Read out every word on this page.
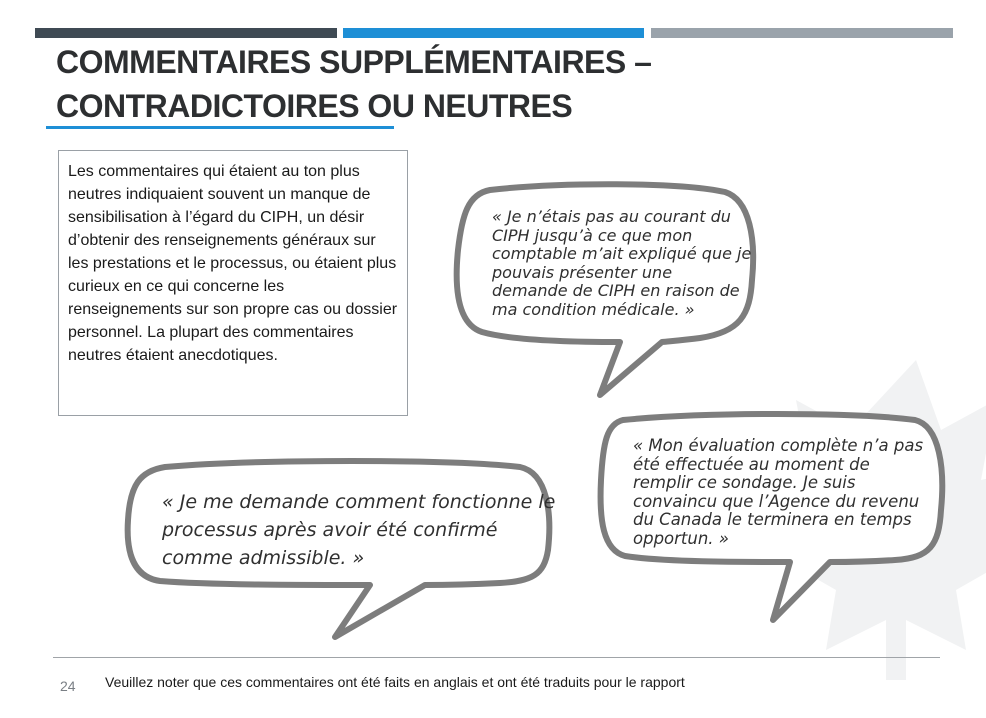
COMMENTAIRES SUPPLÉMENTAIRES –
CONTRADICTOIRES OU NEUTRES
Les commentaires qui étaient au ton plus neutres indiquaient souvent un manque de sensibilisation à l’égard du CIPH, un désir d’obtenir des renseignements généraux sur les prestations et le processus, ou étaient plus curieux en ce qui concerne les renseignements sur son propre cas ou dossier personnel. La plupart des commentaires neutres étaient anecdotiques.
« Je n’étais pas au courant du CIPH jusqu’à ce que mon comptable m’ait expliqué que je pouvais présenter une demande de CIPH en raison de ma condition médicale. »
« Je me demande comment fonctionne le processus après avoir été confirmé comme admissible. »
« Mon évaluation complète n’a pas été effectuée au moment de remplir ce sondage. Je suis convaincu que l’Agence du revenu du Canada le terminera en temps opportun. »
24 Veuillez noter que ces commentaires ont été faits en anglais et ont été traduits pour le rapport
